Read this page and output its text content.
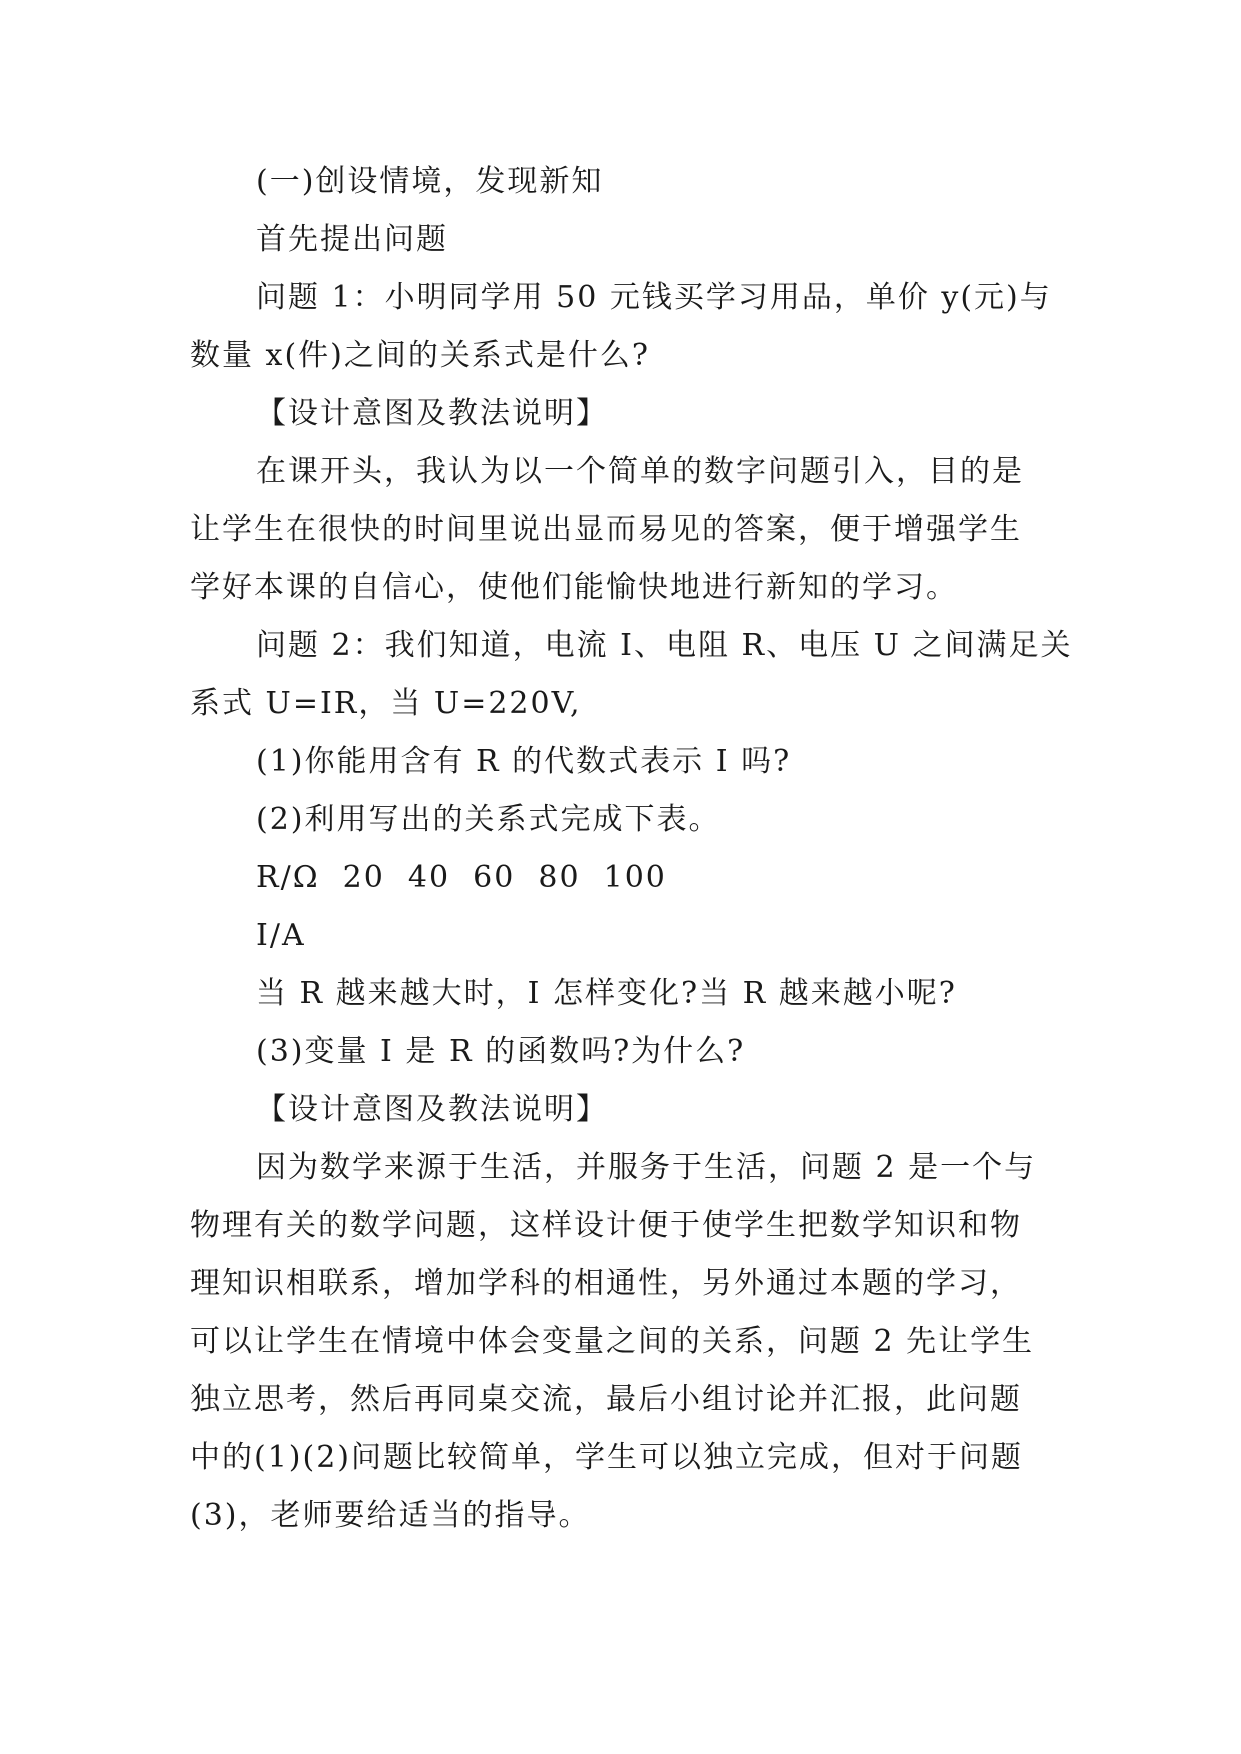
(一)创设情境，发现新知
首先提出问题
问题 1：小明同学用 50 元钱买学习用品，单价 y(元)与
数量 x(件)之间的关系式是什么?
【设计意图及教法说明】
在课开头，我认为以一个简单的数字问题引入，目的是
让学生在很快的时间里说出显而易见的答案，便于增强学生
学好本课的自信心，使他们能愉快地进行新知的学习。
问题 2：我们知道，电流 I、电阻 R、电压 U 之间满足关
系式 U=IR，当 U=220V,
(1)你能用含有 R 的代数式表示 I 吗?
(2)利用写出的关系式完成下表。
R/Ω  20  40  60  80  100
I/A
当 R 越来越大时，I 怎样变化?当 R 越来越小呢?
(3)变量 I 是 R 的函数吗?为什么?
【设计意图及教法说明】
因为数学来源于生活，并服务于生活，问题 2 是一个与
物理有关的数学问题，这样设计便于使学生把数学知识和物
理知识相联系，增加学科的相通性，另外通过本题的学习，
可以让学生在情境中体会变量之间的关系，问题 2 先让学生
独立思考，然后再同桌交流，最后小组讨论并汇报，此问题
中的(1)(2)问题比较简单，学生可以独立完成，但对于问题
(3)，老师要给适当的指导。
